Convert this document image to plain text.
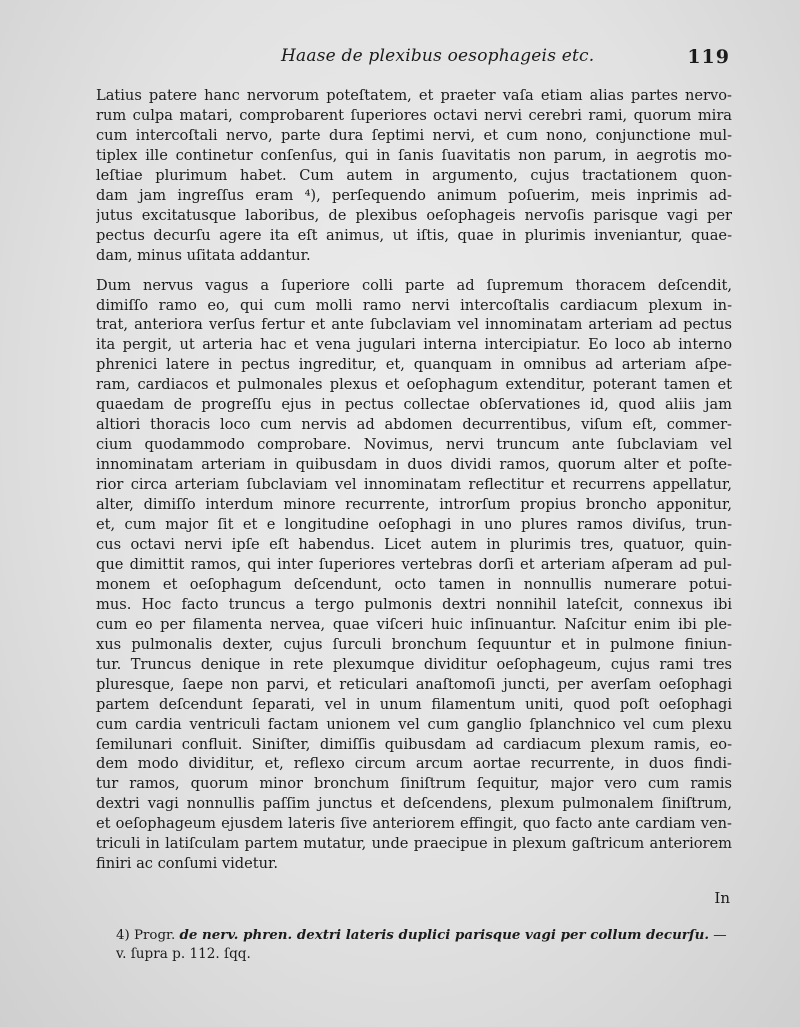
Haase de plexibus oesophageis etc.	119

Latius patere hanc nervorum poteſtatem, et praeter vaſa etiam alias partes nervo-
rum culpa matari, comprobarent ſuperiores octavi nervi cerebri rami, quorum mira
cum intercoſtali nervo, parte dura ſeptimi nervi, et cum nono, conjunctione mul-
tiplex ille continetur conſenſus, qui in ſanis ſuavitatis non parum, in aegrotis mo-
leſtiae plurimum habet. Cum autem in argumento, cujus tractationem quon-
dam jam ingreſſus eram ⁴), perſequendo animum poſuerim, meis inprimis ad-
jutus excitatusque laboribus, de plexibus oeſophageis nervoſis parisque vagi per
pectus decurſu agere ita eſt animus, ut iſtis, quae in plurimis inveniantur, quae-
dam, minus uſitata addantur.

Dum nervus vagus a ſuperiore colli parte ad ſupremum thoracem deſcendit,
dimiſſo ramo eo, qui cum molli ramo nervi intercoſtalis cardiacum plexum in-
trat, anteriora verſus fertur et ante ſubclaviam vel innominatam arteriam ad pectus
ita pergit, ut arteria hac et vena jugulari interna intercipiatur. Eo loco ab interno
phrenici latere in pectus ingreditur, et, quanquam in omnibus ad arteriam aſpe-
ram, cardiacos et pulmonales plexus et oeſophagum extenditur, poterant tamen et
quaedam de progreſſu ejus in pectus collectae obſervationes id, quod aliis jam
altiori thoracis loco cum nervis ad abdomen decurrentibus, viſum eſt, commer-
cium quodammodo comprobare. Novimus, nervi truncum ante ſubclaviam vel
innominatam arteriam in quibusdam in duos dividi ramos, quorum alter et poſte-
rior circa arteriam ſubclaviam vel innominatam reflectitur et recurrens appellatur,
alter, dimiſſo interdum minore recurrente, introrſum propius broncho apponitur,
et, cum major ſit et e longitudine oeſophagi in uno plures ramos diviſus, trun-
cus octavi nervi ipſe eſt habendus. Licet autem in plurimis tres, quatuor, quin-
que dimittit ramos, qui inter ſuperiores vertebras dorſi et arteriam aſperam ad pul-
monem et oeſophagum deſcendunt, octo tamen in nonnullis numerare potui-
mus. Hoc facto truncus a tergo pulmonis dextri nonnihil lateſcit, connexus ibi
cum eo per filamenta nervea, quae viſceri huic inſinuantur. Naſcitur enim ibi ple-
xus pulmonalis dexter, cujus ſurculi bronchum ſequuntur et in pulmone finiun-
tur. Truncus denique in rete plexumque dividitur oeſophageum, cujus rami tres
pluresque, ſaepe non parvi, et reticulari anaſtomoſi juncti, per averſam oeſophagi
partem deſcendunt ſeparati, vel in unum filamentum uniti, quod poſt oeſophagi
cum cardia ventriculi factam unionem vel cum ganglio ſplanchnico vel cum plexu
ſemilunari confluit. Siniſter, dimiſſis quibusdam ad cardiacum plexum ramis, eo-
dem modo dividitur, et, reflexo circum arcum aortae recurrente, in duos findi-
tur ramos, quorum minor bronchum ſiniſtrum ſequitur, major vero cum ramis
dextri vagi nonnullis paſſim junctus et deſcendens, plexum pulmonalem ſiniſtrum,
et oeſophageum ejusdem lateris ſive anteriorem effingit, quo facto ante cardiam ven-
triculi in latiſculam partem mutatur, unde praecipue in plexum gaſtricum anteriorem
finiri ac conſumi videtur.

In
4) Progr. de nerv. phren. dextri lateris duplici parisque vagi per collum decurſu. —
v. ſupra p. 112. ſqq.
